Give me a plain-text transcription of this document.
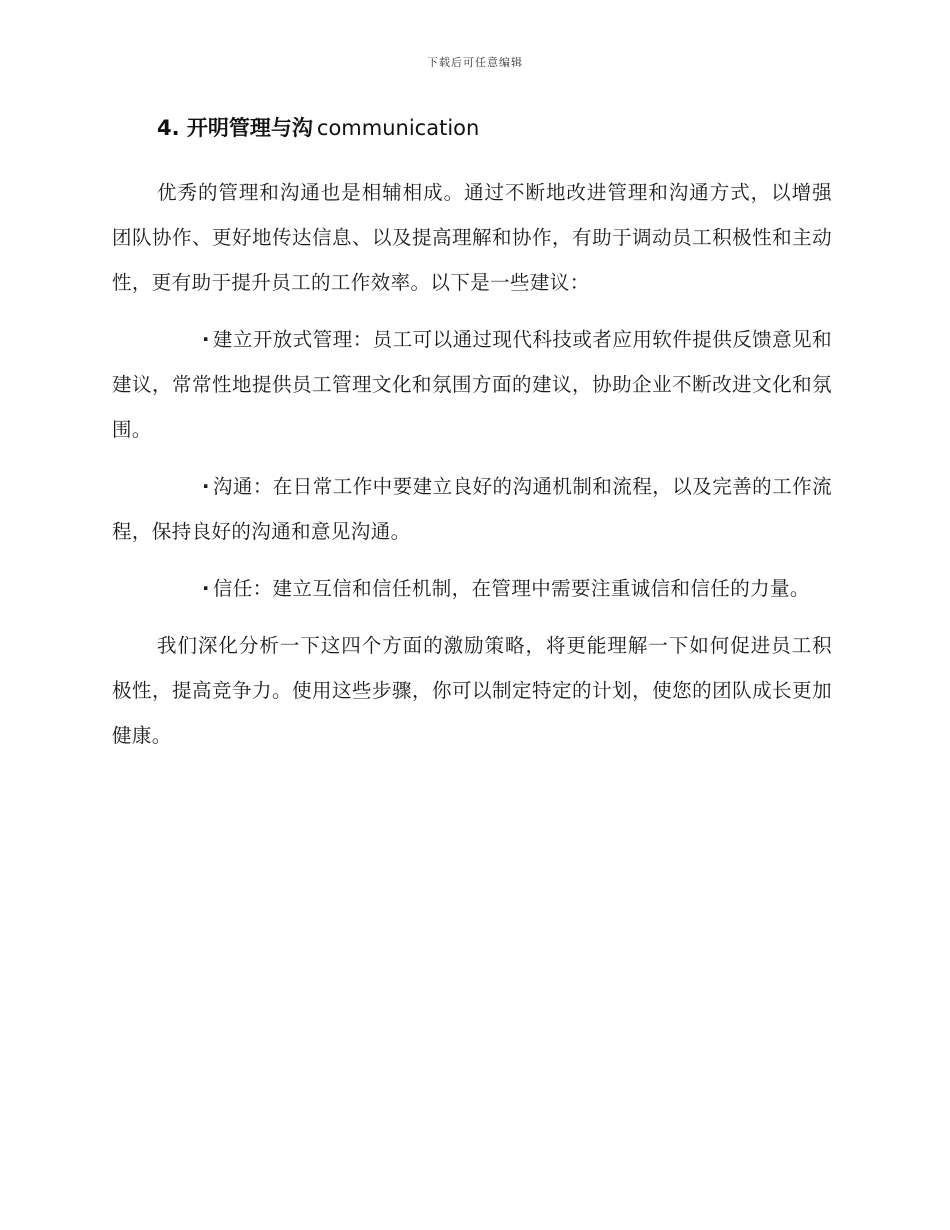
下载后可任意编辑
4. 开明管理与沟 communication

优秀的管理和沟通也是相辅相成。通过不断地改进管理和沟通方式，以增强团队协作、更好地传达信息、以及提高理解和协作，有助于调动员工积极性和主动性，更有助于提升员工的工作效率。以下是一些建议：

· 建立开放式管理：员工可以通过现代科技或者应用软件提供反馈意见和建议，常常性地提供员工管理文化和氛围方面的建议，协助企业不断改进文化和氛围。

· 沟通：在日常工作中要建立良好的沟通机制和流程，以及完善的工作流程，保持良好的沟通和意见沟通。

· 信任：建立互信和信任机制，在管理中需要注重诚信和信任的力量。

我们深化分析一下这四个方面的激励策略，将更能理解一下如何促进员工积极性，提高竞争力。使用这些步骤，你可以制定特定的计划，使您的团队成长更加健康。
